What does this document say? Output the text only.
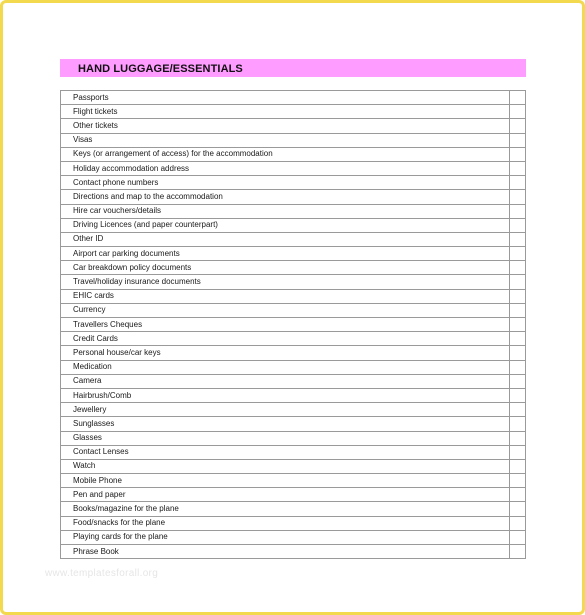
HAND LUGGAGE/ESSENTIALS
Passports	
Flight tickets	
Other tickets	
Visas	
Keys (or arrangement of access) for the accommodation	
Holiday accommodation address	
Contact phone numbers	
Directions and map to the accommodation	
Hire car vouchers/details	
Driving Licences (and paper counterpart)	
Other ID	
Airport car parking documents	
Car breakdown policy documents	
Travel/holiday insurance documents	
EHIC cards	
Currency	
Travellers Cheques	
Credit Cards	
Personal house/car keys	
Medication	
Camera	
Hairbrush/Comb	
Jewellery	
Sunglasses	
Glasses	
Contact Lenses	
Watch	
Mobile Phone	
Pen and paper	
Books/magazine for the plane	
Food/snacks for the plane	
Playing cards for the plane	
Phrase Book	
www.templatesforall.org
